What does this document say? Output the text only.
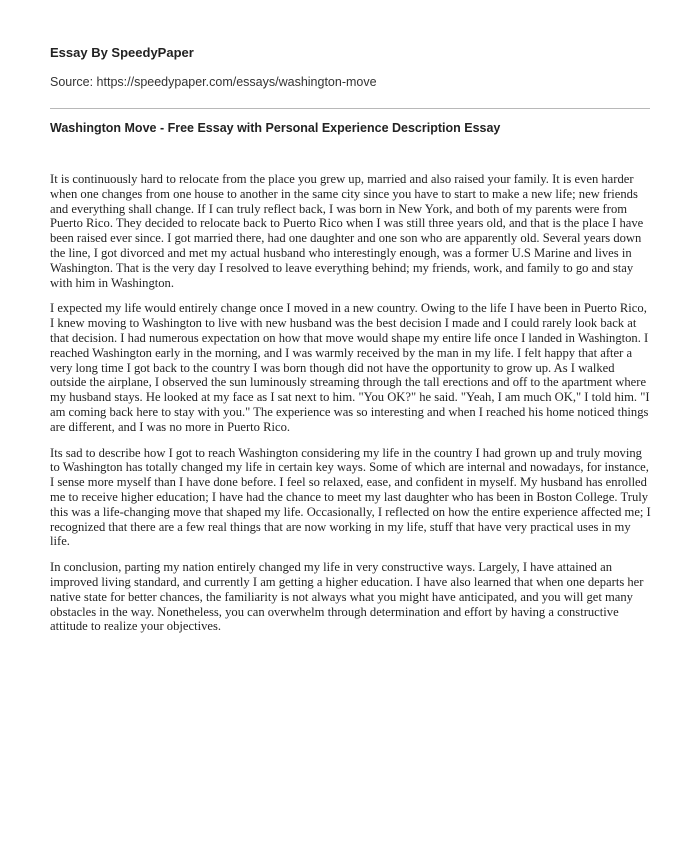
Essay By SpeedyPaper
Source: https://speedypaper.com/essays/washington-move
Washington Move - Free Essay with Personal Experience Description Essay

It is continuously hard to relocate from the place you grew up, married and also raised your family. It is even harder when one changes from one house to another in the same city since you have to start to make a new life; new friends and everything shall change. If I can truly reflect back, I was born in New York, and both of my parents were from Puerto Rico. They decided to relocate back to Puerto Rico when I was still three years old, and that is the place I have been raised ever since. I got married there, had one daughter and one son who are apparently old. Several years down the line, I got divorced and met my actual husband who interestingly enough, was a former U.S Marine and lives in Washington. That is the very day I resolved to leave everything behind; my friends, work, and family to go and stay with him in Washington.

I expected my life would entirely change once I moved in a new country. Owing to the life I have been in Puerto Rico, I knew moving to Washington to live with new husband was the best decision I made and I could rarely look back at that decision. I had numerous expectation on how that move would shape my entire life once I landed in Washington. I reached Washington early in the morning, and I was warmly received by the man in my life. I felt happy that after a very long time I got back to the country I was born though did not have the opportunity to grow up. As I walked outside the airplane, I observed the sun luminously streaming through the tall erections and off to the apartment where my husband stays. He looked at my face as I sat next to him. "You OK?" he said. "Yeah, I am much OK," I told him. "I am coming back here to stay with you." The experience was so interesting and when I reached his home noticed things are different, and I was no more in Puerto Rico.

Its sad to describe how I got to reach Washington considering my life in the country I had grown up and truly moving to Washington has totally changed my life in certain key ways. Some of which are internal and nowadays, for instance, I sense more myself than I have done before. I feel so relaxed, ease, and confident in myself. My husband has enrolled me to receive higher education; I have had the chance to meet my last daughter who has been in Boston College. Truly this was a life-changing move that shaped my life. Occasionally, I reflected on how the entire experience affected me; I recognized that there are a few real things that are now working in my life, stuff that have very practical uses in my life.

In conclusion, parting my nation entirely changed my life in very constructive ways. Largely, I have attained an improved living standard, and currently I am getting a higher education. I have also learned that when one departs her native state for better chances, the familiarity is not always what you might have anticipated, and you will get many obstacles in the way. Nonetheless, you can overwhelm through determination and effort by having a constructive attitude to realize your objectives.
